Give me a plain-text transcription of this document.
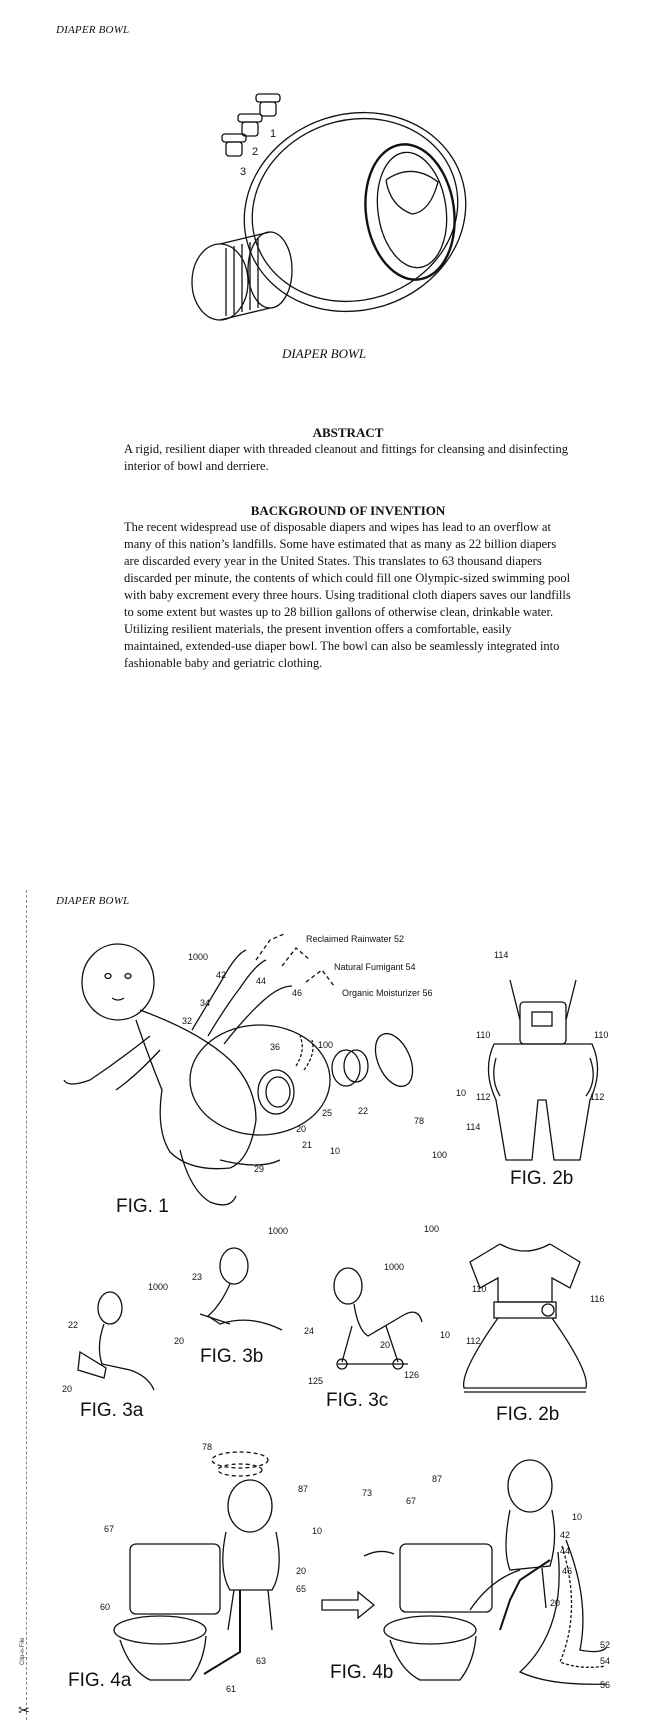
DIAPER BOWL
1
2
3
DIAPER BOWL
ABSTRACT

A rigid, resilient diaper with threaded cleanout and fittings for cleansing and disinfecting interior of bowl and derriere.

BACKGROUND OF INVENTION

The recent widespread use of disposable diapers and wipes has lead to an overflow at many of this nation’s landfills. Some have estimated that as many as 22 billion diapers are discarded every year in the United States. This translates to 63 thousand diapers discarded per minute, the contents of which could fill one Olympic-sized swimming pool with baby excrement every three hours. Using traditional cloth diapers saves our landfills to some extent but wastes up to 28 billion gallons of otherwise clean, drinkable water. Utilizing resilient materials, the present invention offers a comfortable, easily maintained, extended-use diaper bowl. The bowl can also be seamlessly integrated into fashionable baby and geriatric clothing.

Clip-n-File
✂
DIAPER BOWL
Reclaimed Rainwater 52
Natural Fumigant 54
Organic Moisturizer 56
1000
42
44
46
34
32
36	100
22
78
25
20
21
10
29
FIG. 1
114
110	110
10 112	112
114
100
FIG. 2b
1000
22
20
FIG. 3a
1000
23
20
FIG. 3b
1000
24
20
125
126
FIG. 3c
100
110
116
10
112
FIG. 2b
78
87
67	10
20
60
65
63
61
FIG. 4a
73
67
87
10
42
44
46
20
52
54
56
FIG. 4b
